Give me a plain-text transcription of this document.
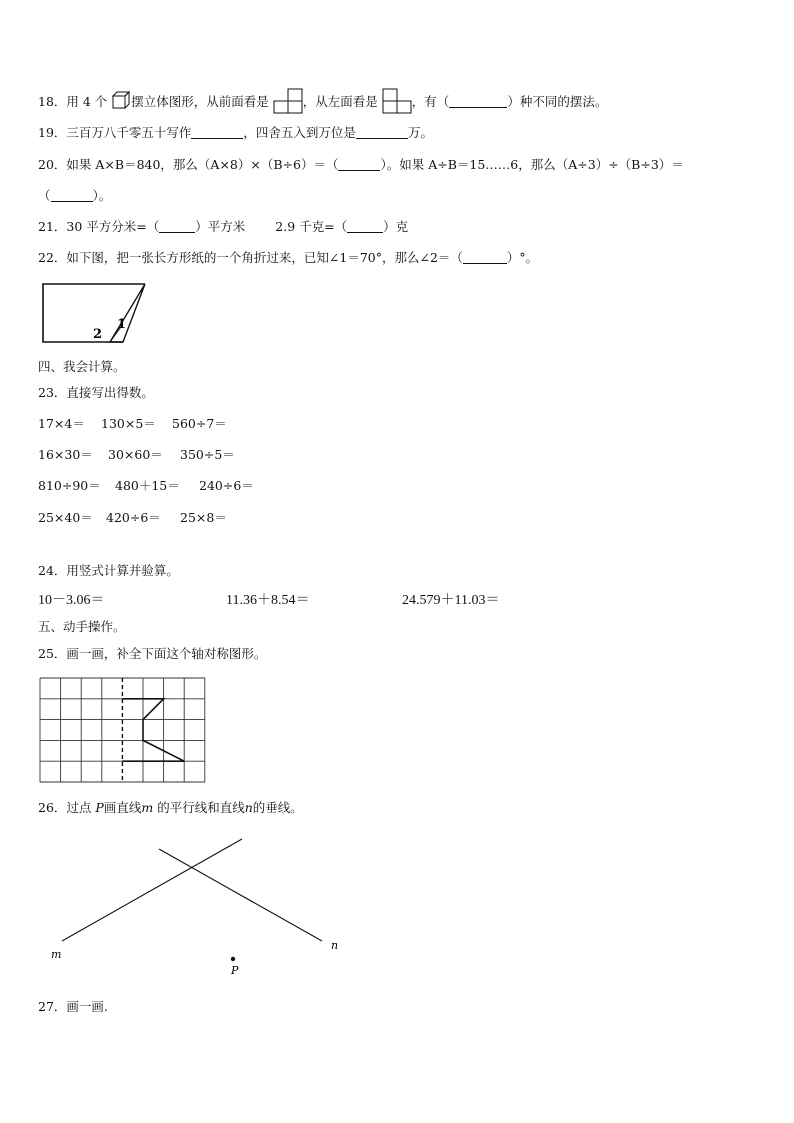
18．用 4 个 摆立体图形，从前面看是	，从左面看是	，有（	）种不同的摆法。
19．三百万八千零五十写作	，四舍五入到万位是	万。
20．如果 A×B＝840，那么（A×8）×（B÷6）＝（	）。如果 A÷B＝15……6，那么（A÷3）÷（B÷3）＝
（	）。
21．30 平方分米=（	）平方米 2.9 千克=（	）克
22．如下图，把一张长方形纸的一个角折过来，已知∠1＝70°，那么∠2＝（	）°。
1
2
四、我会计算。
23．直接写出得数。
17×4＝ 130×5＝ 560÷7＝
16×30＝ 30×60＝ 350÷5＝
810÷90＝ 480＋15＝ 240÷6＝
25×40＝ 420÷6＝ 25×8＝
24．用竖式计算并验算。
10－3.06＝	11.36＋8.54＝	24.579＋11.03＝
五、动手操作。
25．画一画，补全下面这个轴对称图形。
26．过点 P画直线m 的平行线和直线n的垂线。
m
n
P
27．画一画.
